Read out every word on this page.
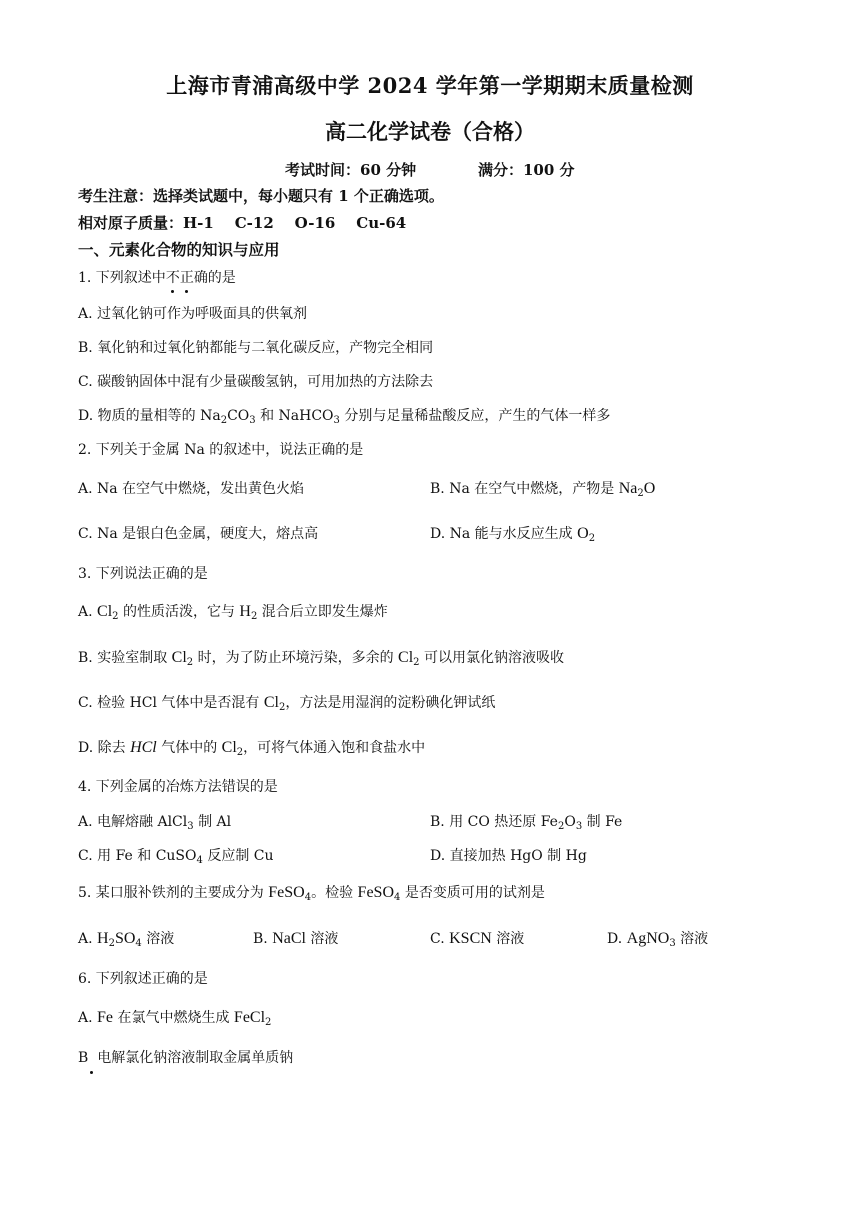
上海市青浦高级中学 2024 学年第一学期期末质量检测
高二化学试卷（合格）
考试时间：60 分钟	满分：100 分
考生注意：选择类试题中，每小题只有 1 个正确选项。
相对原子质量：H-1    C-12    O-16    Cu-64
一、元素化合物的知识与应用
1. 下列叙述中不正确的是
A. 过氧化钠可作为呼吸面具的供氧剂
B. 氧化钠和过氧化钠都能与二氧化碳反应，产物完全相同
C. 碳酸钠固体中混有少量碳酸氢钠，可用加热的方法除去
D. 物质的量相等的 $Na_2CO_3$ 和 NaHCO$_3$ 分别与足量稀盐酸反应，产生的气体一样多
2. 下列关于金属 Na 的叙述中，说法正确的是
A. Na 在空气中燃烧，发出黄色火焰	B. Na 在空气中燃烧，产物是 $Na_2O$
C. Na 是银白色金属，硬度大，熔点高	D. Na 能与水反应生成 $O_2$
3. 下列说法正确的是
A. $Cl_2$ 的性质活泼，它与 $H_2$ 混合后立即发生爆炸
B. 实验室制取 $Cl_2$ 时，为了防止环境污染，多余的 $Cl_2$ 可以用氯化钠溶液吸收
C. 检验 HCl 气体中是否混有 $Cl_2$，方法是用湿润的淀粉碘化钾试纸
D. 除去 HCl 气体中的 $Cl_2$，可将气体通入饱和食盐水中
4. 下列金属的冶炼方法错误的是
A. 电解熔融 AlCl$_3$ 制 Al	B. 用 CO 热还原 $Fe_2O_3$ 制 Fe
C. 用 Fe 和 CuSO$_4$ 反应制 Cu	D. 直接加热 HgO 制 Hg
5. 某口服补铁剂的主要成分为 FeSO$_4$。检验 FeSO$_4$ 是否变质可用的试剂是
A. $H_2SO_4$ 溶液	B. NaCl 溶液	C. KSCN 溶液	D. AgNO$_3$ 溶液
6. 下列叙述正确的是
A. Fe 在氯气中燃烧生成 FeCl$_2$
B  电解氯化钠溶液制取金属单质钠
